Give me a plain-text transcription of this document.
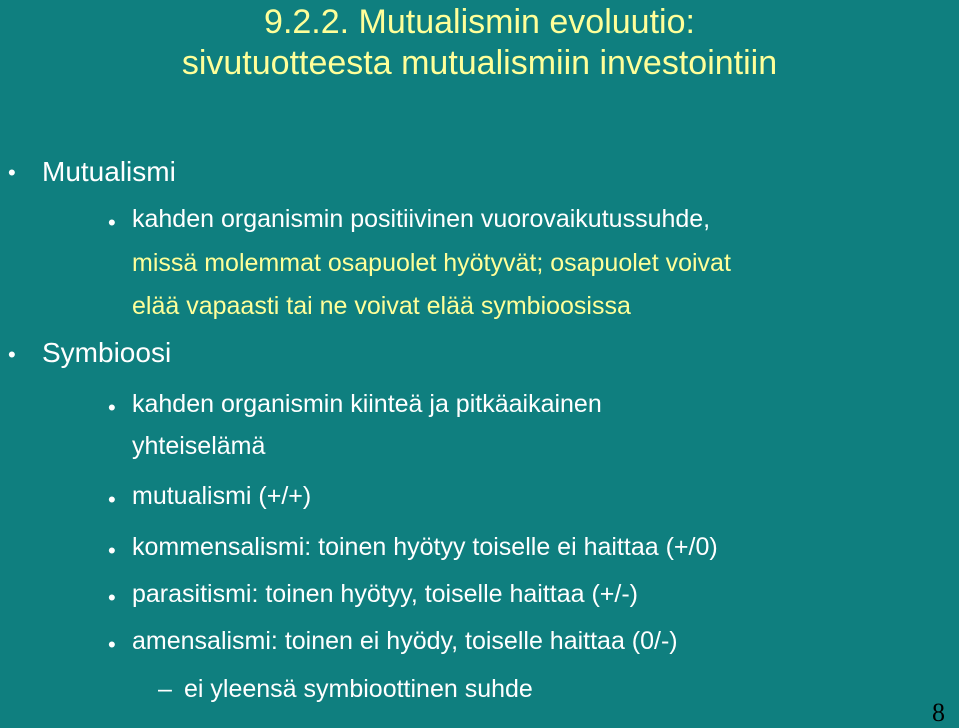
9.2.2. Mutualismin evoluutio:
sivutuotteesta mutualismiin investointiin
• Mutualismi

• kahden organismin positiivinen vuorovaikutussuhde,

missä molemmat osapuolet hyötyvät; osapuolet voivat

elää vapaasti tai ne voivat elää symbioosissa

• Symbioosi

• kahden organismin kiinteä ja pitkäaikainen

yhteiselämä

• mutualismi (+/+)

• kommensalismi: toinen hyötyy toiselle ei haittaa (+/0)

• parasitismi: toinen hyötyy, toiselle haittaa (+/-)

• amensalismi: toinen ei hyödy, toiselle haittaa (0/-)

– ei yleensä symbioottinen suhde

8
